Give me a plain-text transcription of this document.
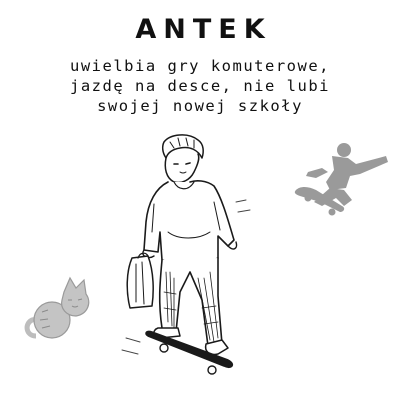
ANTEK
uwielbia gry komuterowe,
jazdę na desce, nie lubi
swojej nowej szkoły
